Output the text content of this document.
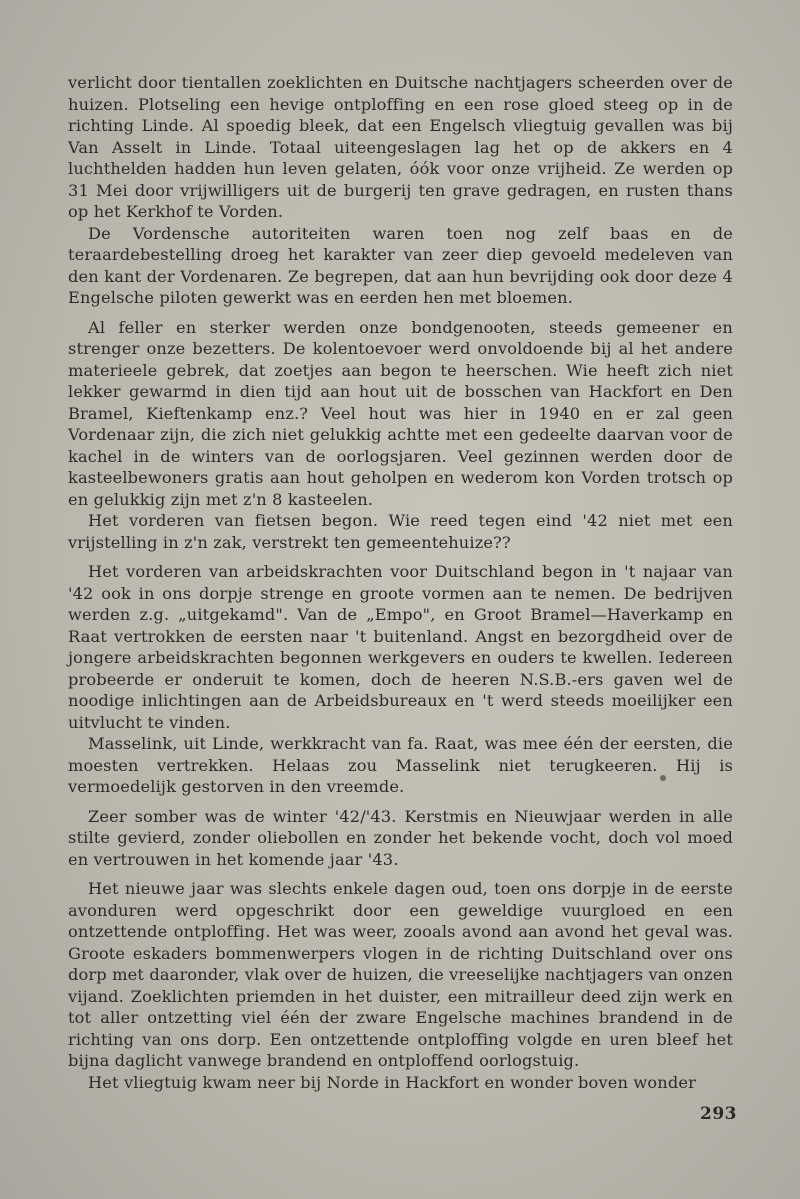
verlicht door tientallen zoeklichten en Duitsche nachtjagers scheerden over de huizen. Plotseling een hevige ontploffing en een rose gloed steeg op in de richting Linde. Al spoedig bleek, dat een Engelsch vliegtuig gevallen was bij Van Asselt in Linde. Totaal uiteengeslagen lag het op de akkers en 4 luchthelden hadden hun leven gelaten, óók voor onze vrijheid. Ze werden op 31 Mei door vrijwilligers uit de burgerij ten grave gedragen, en rusten thans op het Kerkhof te Vorden.

De Vordensche autoriteiten waren toen nog zelf baas en de teraardebestelling droeg het karakter van zeer diep gevoeld medeleven van den kant der Vordenaren. Ze begrepen, dat aan hun bevrijding ook door deze 4 Engelsche piloten gewerkt was en eerden hen met bloemen.

Al feller en sterker werden onze bondgenooten, steeds gemeener en strenger onze bezetters. De kolentoevoer werd onvoldoende bij al het andere materieele gebrek, dat zoetjes aan begon te heerschen. Wie heeft zich niet lekker gewarmd in dien tijd aan hout uit de bosschen van Hackfort en Den Bramel, Kieftenkamp enz.? Veel hout was hier in 1940 en er zal geen Vordenaar zijn, die zich niet gelukkig achtte met een gedeelte daarvan voor de kachel in de winters van de oorlogsjaren. Veel gezinnen werden door de kasteelbewoners gratis aan hout geholpen en wederom kon Vorden trotsch op en gelukkig zijn met z'n 8 kasteelen.

Het vorderen van fietsen begon. Wie reed tegen eind '42 niet met een vrijstelling in z'n zak, verstrekt ten gemeentehuize??

Het vorderen van arbeidskrachten voor Duitschland begon in 't najaar van '42 ook in ons dorpje strenge en groote vormen aan te nemen. De bedrijven werden z.g. „uitgekamd". Van de „Empo", en Groot Bramel—Haverkamp en Raat vertrokken de eersten naar 't buitenland. Angst en bezorgdheid over de jongere arbeidskrachten begonnen werkgevers en ouders te kwellen. Iedereen probeerde er onderuit te komen, doch de heeren N.S.B.-ers gaven wel de noodige inlichtingen aan de Arbeidsbureaux en 't werd steeds moeilijker een uitvlucht te vinden.

Masselink, uit Linde, werkkracht van fa. Raat, was mee één der eersten, die moesten vertrekken. Helaas zou Masselink niet terugkeeren. Hij is vermoedelijk gestorven in den vreemde.

Zeer somber was de winter '42/'43. Kerstmis en Nieuwjaar werden in alle stilte gevierd, zonder oliebollen en zonder het bekende vocht, doch vol moed en vertrouwen in het komende jaar '43.

Het nieuwe jaar was slechts enkele dagen oud, toen ons dorpje in de eerste avonduren werd opgeschrikt door een geweldige vuurgloed en een ontzettende ontploffing. Het was weer, zooals avond aan avond het geval was. Groote eskaders bommenwerpers vlogen in de richting Duitschland over ons dorp met daaronder, vlak over de huizen, die vreeselijke nachtjagers van onzen vijand. Zoeklichten priemden in het duister, een mitrailleur deed zijn werk en tot aller ontzetting viel één der zware Engelsche machines brandend in de richting van ons dorp. Een ontzettende ontploffing volgde en uren bleef het bijna daglicht vanwege brandend en ontploffend oorlogstuig.

Het vliegtuig kwam neer bij Norde in Hackfort en wonder boven wonder

293
